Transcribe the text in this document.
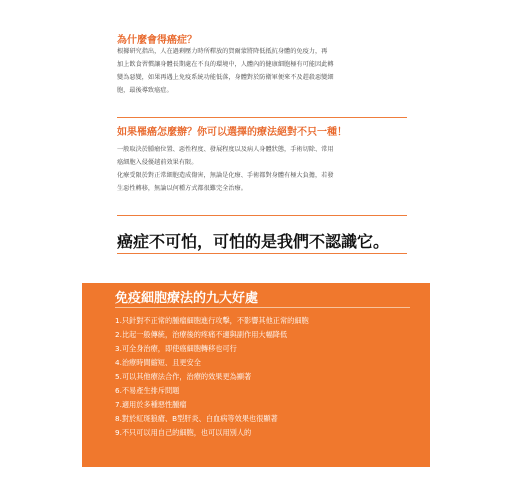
為什麼會得癌症？
根據研究指出，人在過剩壓力時所釋放的賀爾蒙將降低抵抗身體的免疫力，再
加上飲食習慣讓身體長期處在不良的環境中，人體內的健康細胞極有可能因此轉
變為惡變，如果再遇上免疫系統功能低落，身體對於防衛軍便來不及趕殺惡變細
胞，最後導致癌症。
如果罹癌怎麼辦？你可以選擇的療法絕對不只一種！
一般取決於腫瘤位置、惡性程度、發展程度以及病人身體狀態，手術切除、常用
癌細胞入侵優越前效果有限。
化療受限於對正常細胞造成傷害，無論是化療、手術都對身體有極大負擔，若發
生惡性轉移，無論以何種方式都很難完全治療。
癌症不可怕，可怕的是我們不認識它。
免疫細胞療法的九大好處
1.只針對不正常的腫瘤細胞進行攻擊，不影響其他正常的細胞
2.比起一般傳統，治療後的疼痛不適與副作用大幅降低
3.可全身治療，即使癌細胞轉移也可行
4.治療時間縮短、且更安全
5.可以其他療法合作，治療的效果更為顯著
6.不易產生排斥問題
7.適用於多種惡性腫瘤
8.對於紅斑狼瘡、B型肝炎、白血病等效果也很顯著
9.不只可以用自己的細胞，也可以用別人的
